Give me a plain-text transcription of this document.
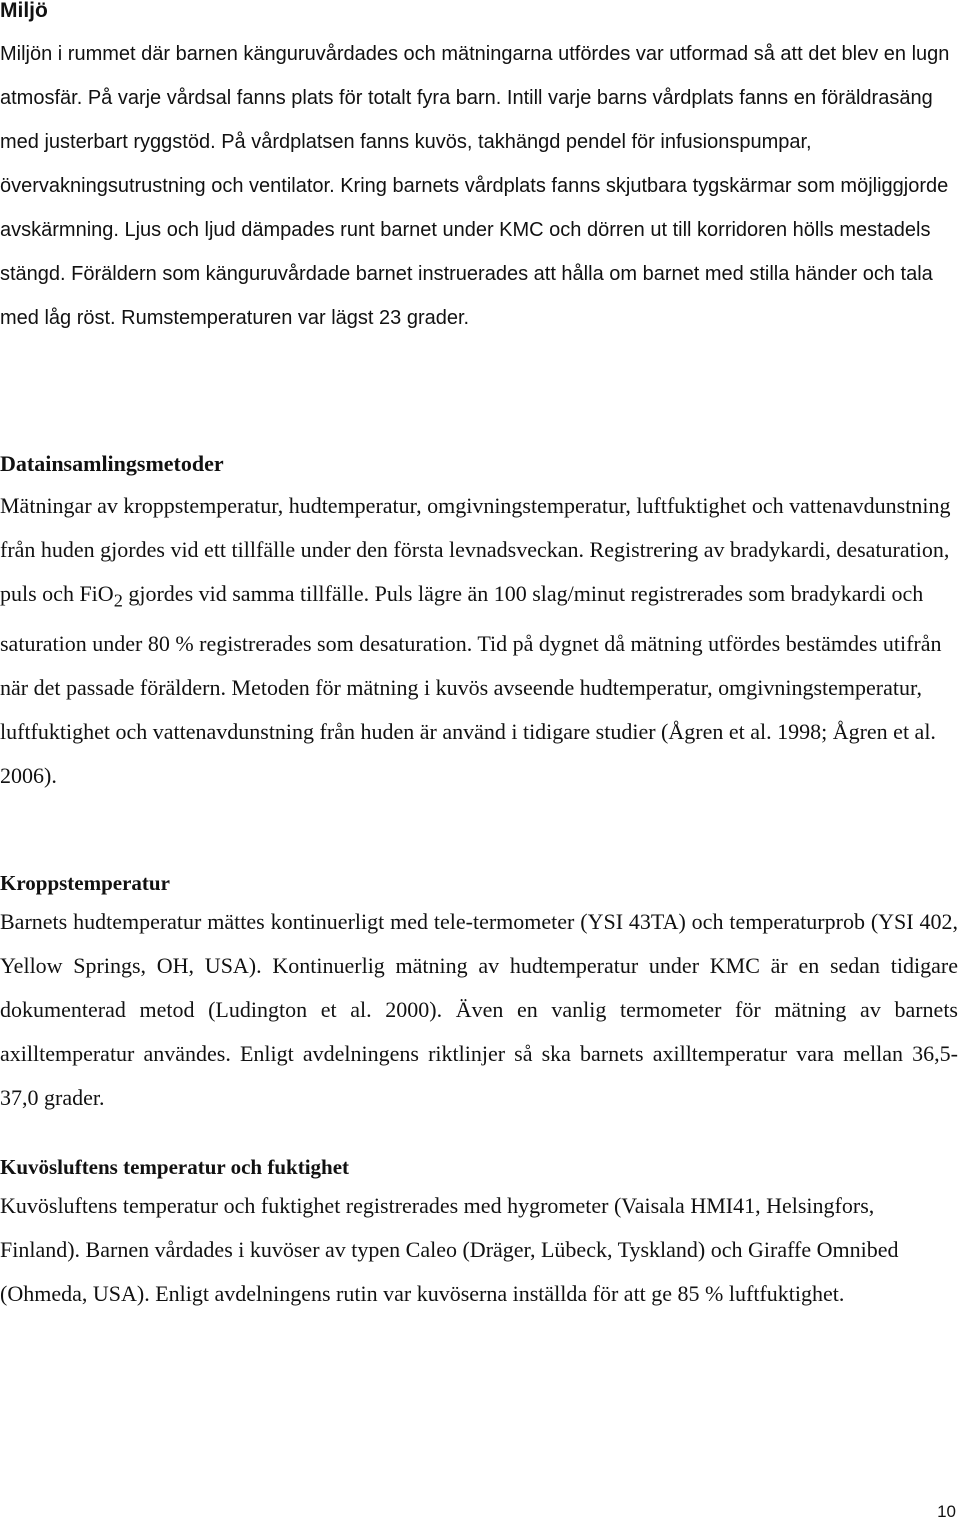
Miljö

Miljön i rummet där barnen känguruvårdades och mätningarna utfördes var utformad så att det blev en lugn atmosfär. På varje vårdsal fanns plats för totalt fyra barn. Intill varje barns vårdplats fanns en föräldrasäng med justerbart ryggstöd. På vårdplatsen fanns kuvös, takhängd pendel för infusionspumpar, övervakningsutrustning och ventilator. Kring barnets vårdplats fanns skjutbara tygskärmar som möjliggjorde avskärmning. Ljus och ljud dämpades runt barnet under KMC och dörren ut till korridoren hölls mestadels stängd. Föräldern som känguruvårdade barnet instruerades att hålla om barnet med stilla händer och tala med låg röst. Rumstemperaturen var lägst 23 grader.

Datainsamlingsmetoder

Mätningar av kroppstemperatur, hudtemperatur, omgivningstemperatur, luftfuktighet och vattenavdunstning från huden gjordes vid ett tillfälle under den första levnadsveckan. Registrering av bradykardi, desaturation, puls och FiO$_2$ gjordes vid samma tillfälle. Puls lägre än 100 slag/minut registrerades som bradykardi och saturation under 80 % registrerades som desaturation. Tid på dygnet då mätning utfördes bestämdes utifrån när det passade föräldern. Metoden för mätning i kuvös avseende hudtemperatur, omgivningstemperatur, luftfuktighet och vattenavdunstning från huden är använd i tidigare studier (Ågren et al. 1998; Ågren et al. 2006).

Kroppstemperatur

Barnets hudtemperatur mättes kontinuerligt med tele-termometer (YSI 43TA) och temperaturprob (YSI 402, Yellow Springs, OH, USA). Kontinuerlig mätning av hudtemperatur under KMC är en sedan tidigare dokumenterad metod (Ludington et al. 2000). Även en vanlig termometer för mätning av barnets axilltemperatur användes. Enligt avdelningens riktlinjer så ska barnets axilltemperatur vara mellan 36,5- 37,0 grader.

Kuvösluftens temperatur och fuktighet

Kuvösluftens temperatur och fuktighet registrerades med hygrometer (Vaisala HMI41, Helsingfors, Finland). Barnen vårdades i kuvöser av typen Caleo (Dräger, Lübeck, Tyskland) och Giraffe Omnibed (Ohmeda, USA). Enligt avdelningens rutin var kuvöserna inställda för att ge 85 % luftfuktighet.

10
